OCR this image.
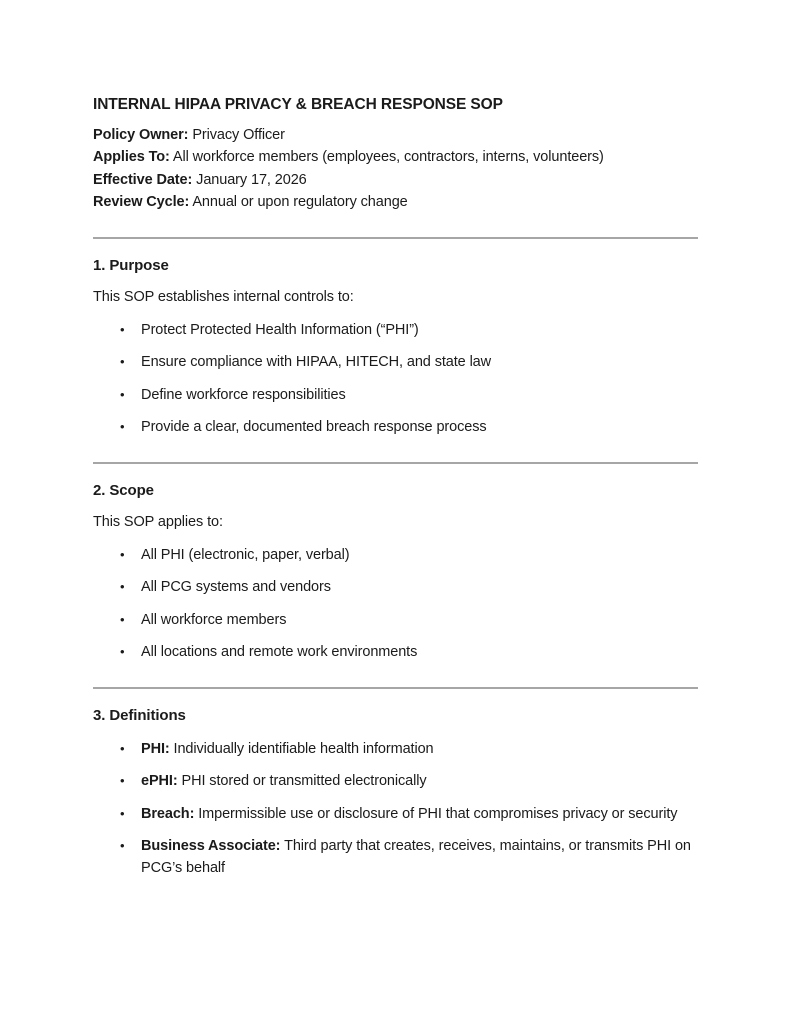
INTERNAL HIPAA PRIVACY & BREACH RESPONSE SOP

Policy Owner: Privacy Officer

Applies To: All workforce members (employees, contractors, interns, volunteers)

Effective Date: January 17, 2026

Review Cycle: Annual or upon regulatory change

1. Purpose

This SOP establishes internal controls to:

• Protect Protected Health Information (“PHI”)
• Ensure compliance with HIPAA, HITECH, and state law
• Define workforce responsibilities
• Provide a clear, documented breach response process
2. Scope

This SOP applies to:

• All PHI (electronic, paper, verbal)
• All PCG systems and vendors
• All workforce members
• All locations and remote work environments
3. Definitions
• PHI: Individually identifiable health information
• ePHI: PHI stored or transmitted electronically
• Breach: Impermissible use or disclosure of PHI that compromises privacy or security
• Business Associate: Third party that creates, receives, maintains, or transmits PHI on PCG’s behalf
